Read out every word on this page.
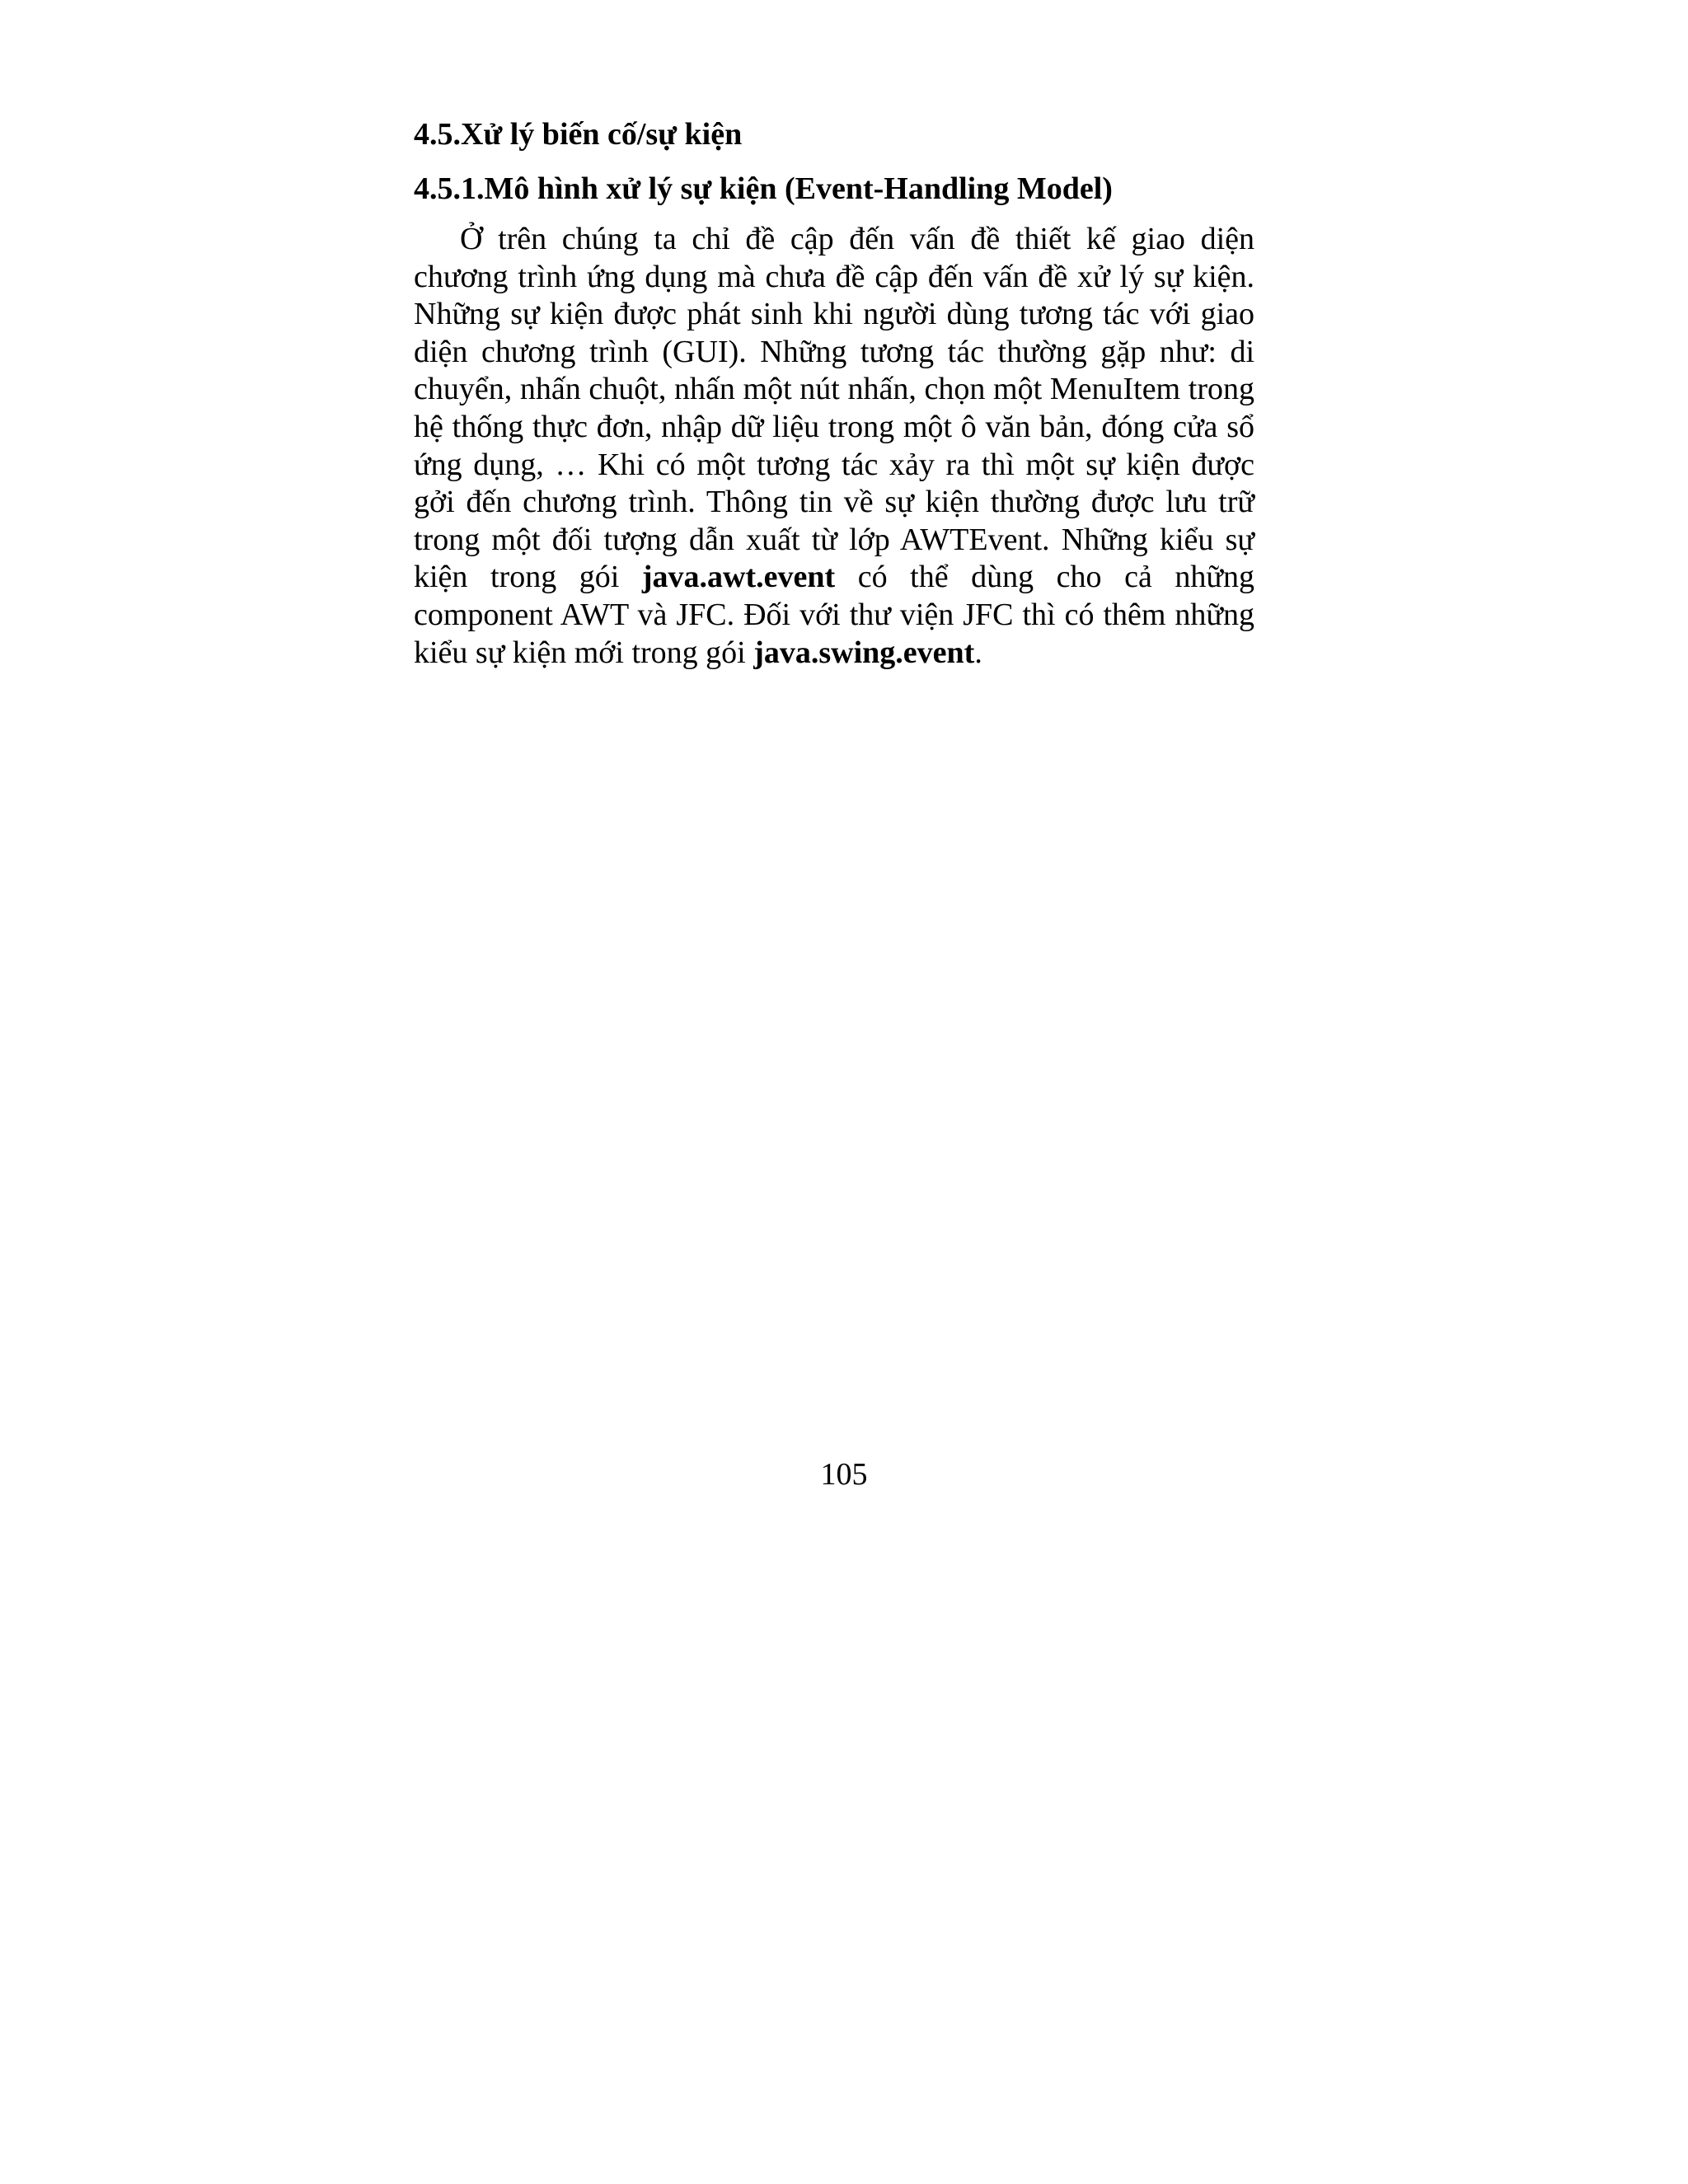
4.5.Xử lý biến cố/sự kiện
4.5.1.Mô hình xử lý sự kiện (Event-Handling Model)

Ở trên chúng ta chỉ đề cập đến vấn đề thiết kế giao diện chương trình ứng dụng mà chưa đề cập đến vấn đề xử lý sự kiện. Những sự kiện được phát sinh khi người dùng tương tác với giao diện chương trình (GUI). Những tương tác thường gặp như: di chuyển, nhấn chuột, nhấn một nút nhấn, chọn một MenuItem trong hệ thống thực đơn, nhập dữ liệu trong một ô văn bản, đóng cửa sổ ứng dụng, … Khi có một tương tác xảy ra thì một sự kiện được gởi đến chương trình. Thông tin về sự kiện thường được lưu trữ trong một đối tượng dẫn xuất từ lớp AWTEvent. Những kiểu sự kiện trong gói java.awt.event có thể dùng cho cả những component AWT và JFC. Đối với thư viện JFC thì có thêm những kiểu sự kiện mới trong gói java.swing.event.

105
